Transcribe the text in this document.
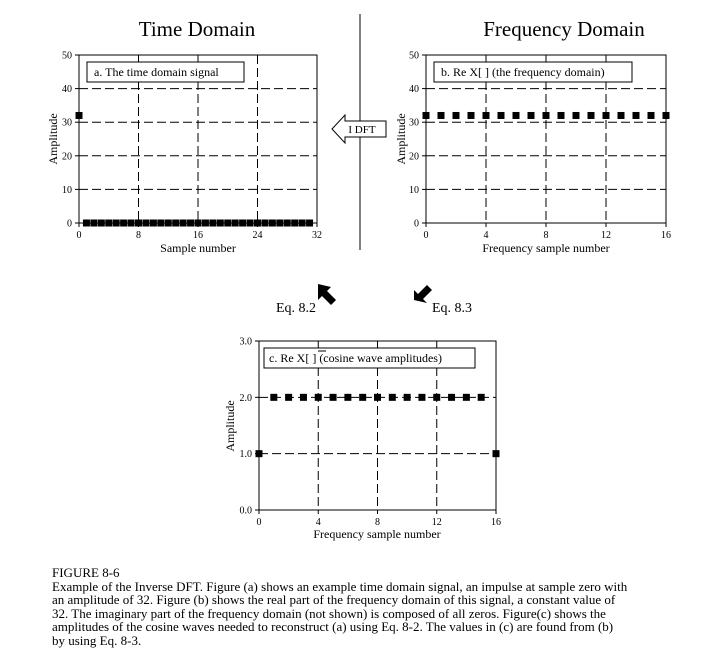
Time Domain	Frequency Domain
I DFT
Eq. 8.2	Eq. 8.3
a. The time domain signal
Sample number
Amplitude
0	8	16	24	32
0
10
20
30
40
50
b. Re X[ ] (the frequency domain)
Frequency sample number
Amplitude
0	4	8	12	16
0
10
20
30
40
50
c. Re X[ ] (cosine wave amplitudes)
Frequency sample number
Amplitude
0	4	8	12	16
0.0
1.0
2.0
3.0
FIGURE 8-6
Example of the Inverse DFT. Figure (a) shows an example time domain signal, an impulse at sample zero with
an amplitude of 32. Figure (b) shows the real part of the frequency domain of this signal, a constant value of
32. The imaginary part of the frequency domain (not shown) is composed of all zeros. Figure(c) shows the
amplitudes of the cosine waves needed to reconstruct (a) using Eq. 8-2. The values in (c) are found from (b)
by using Eq. 8-3.
